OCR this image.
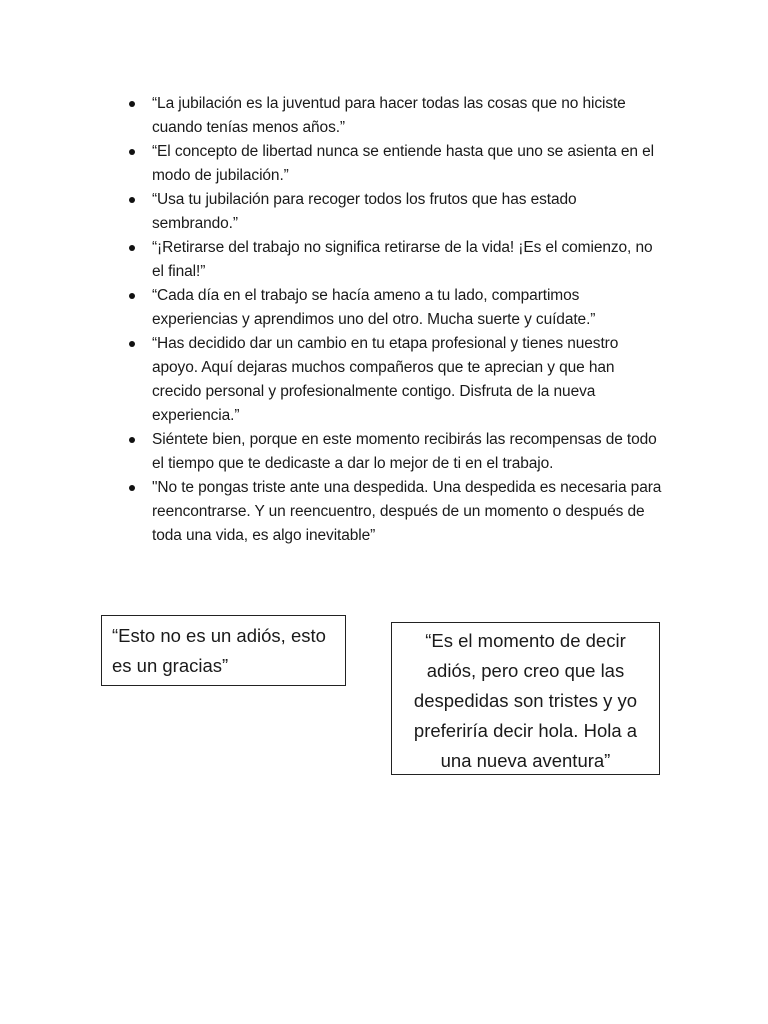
“La jubilación es la juventud para hacer todas las cosas que no hiciste cuando tenías menos años.”
“El concepto de libertad nunca se entiende hasta que uno se asienta en el modo de jubilación.”
“Usa tu jubilación para recoger todos los frutos que has estado sembrando.”
“¡Retirarse del trabajo no significa retirarse de la vida! ¡Es el comienzo, no el final!”
“Cada día en el trabajo se hacía ameno a tu lado, compartimos experiencias y aprendimos uno del otro. Mucha suerte y cuídate.”
“Has decidido dar un cambio en tu etapa profesional y tienes nuestro apoyo. Aquí dejaras muchos compañeros que te aprecian y que han crecido personal y profesionalmente contigo. Disfruta de la nueva experiencia.”
Siéntete bien, porque en este momento recibirás las recompensas de todo el tiempo que te dedicaste a dar lo mejor de ti en el trabajo.
"No te pongas triste ante una despedida. Una despedida es necesaria para reencontrarse. Y un reencuentro, después de un momento o después de toda una vida, es algo inevitable”
“Esto no es un adiós, esto es un gracias”
“Es el momento de decir adiós, pero creo que las despedidas son tristes y yo preferiría decir hola. Hola a una nueva aventura”
